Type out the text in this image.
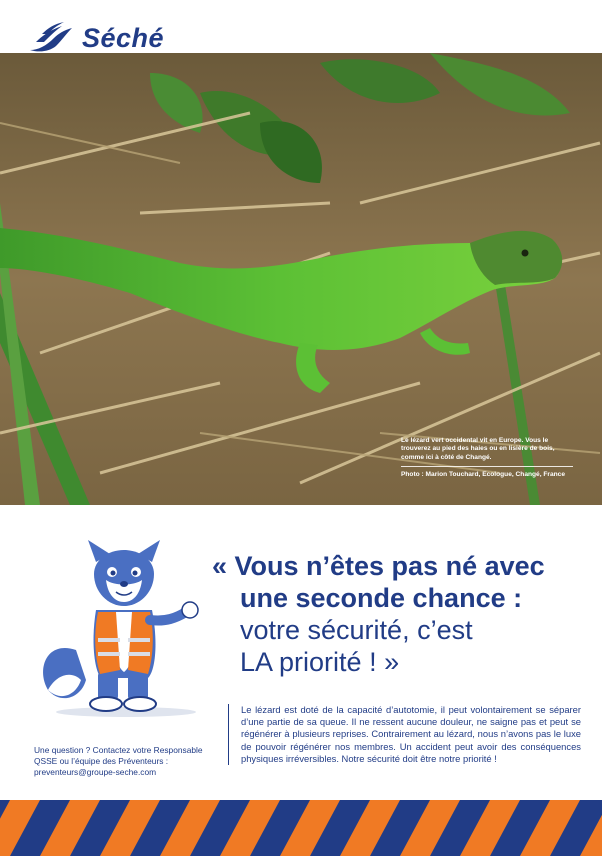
Séché
Le lézard vert occidental vit en Europe. Vous le trouverez au pied des haies ou en lisière de bois, comme ici à côté de Changé.
Photo : Marion Touchard, Ecologue, Changé, France

« Vous n’êtes pas né avec

une seconde chance :

votre sécurité, c’est

LA priorité ! »

Le lézard est doté de la capacité d’autotomie, il peut volontairement se séparer d’une partie de sa queue. Il ne ressent aucune douleur, ne saigne pas et peut se régénérer à plusieurs reprises. Contrairement au lézard, nous n’avons pas le luxe de pouvoir régénérer nos membres. Un accident peut avoir des conséquences physiques irréversibles. Notre sécurité doit être notre priorité !
Une question ? Contactez votre Responsable
QSSE ou l’équipe des Préventeurs :
preventeurs@groupe-seche.com
